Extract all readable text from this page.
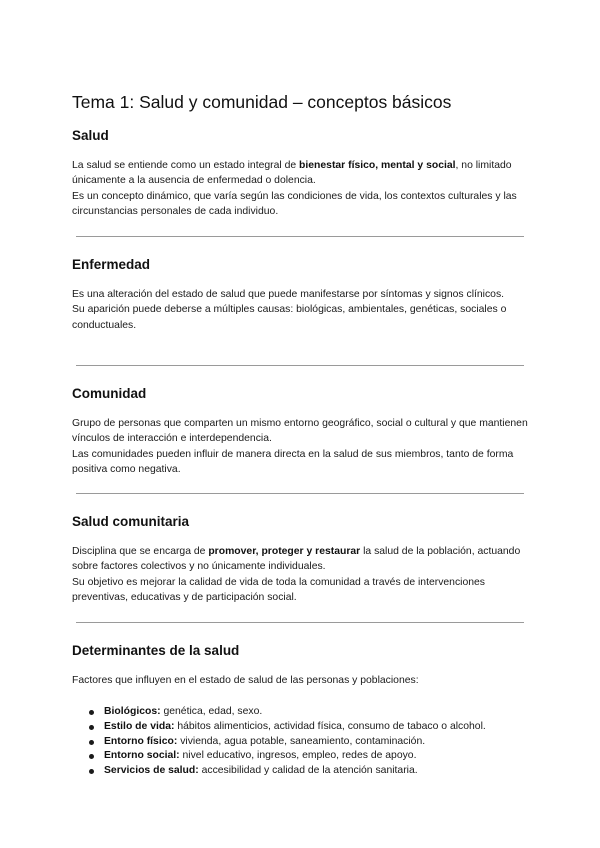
Tema 1: Salud y comunidad – conceptos básicos
Salud

La salud se entiende como un estado integral de bienestar físico, mental y social, no limitado únicamente a la ausencia de enfermedad o dolencia.

Es un concepto dinámico, que varía según las condiciones de vida, los contextos culturales y las circunstancias personales de cada individuo.

Enfermedad

Es una alteración del estado de salud que puede manifestarse por síntomas y signos clínicos.

Su aparición puede deberse a múltiples causas: biológicas, ambientales, genéticas, sociales o conductuales.

Comunidad

Grupo de personas que comparten un mismo entorno geográfico, social o cultural y que mantienen vínculos de interacción e interdependencia.

Las comunidades pueden influir de manera directa en la salud de sus miembros, tanto de forma positiva como negativa.

Salud comunitaria

Disciplina que se encarga de promover, proteger y restaurar la salud de la población, actuando sobre factores colectivos y no únicamente individuales.

Su objetivo es mejorar la calidad de vida de toda la comunidad a través de intervenciones preventivas, educativas y de participación social.

Determinantes de la salud

Factores que influyen en el estado de salud de las personas y poblaciones:

Biológicos: genética, edad, sexo.
Estilo de vida: hábitos alimenticios, actividad física, consumo de tabaco o alcohol.
Entorno físico: vivienda, agua potable, saneamiento, contaminación.
Entorno social: nivel educativo, ingresos, empleo, redes de apoyo.
Servicios de salud: accesibilidad y calidad de la atención sanitaria.
